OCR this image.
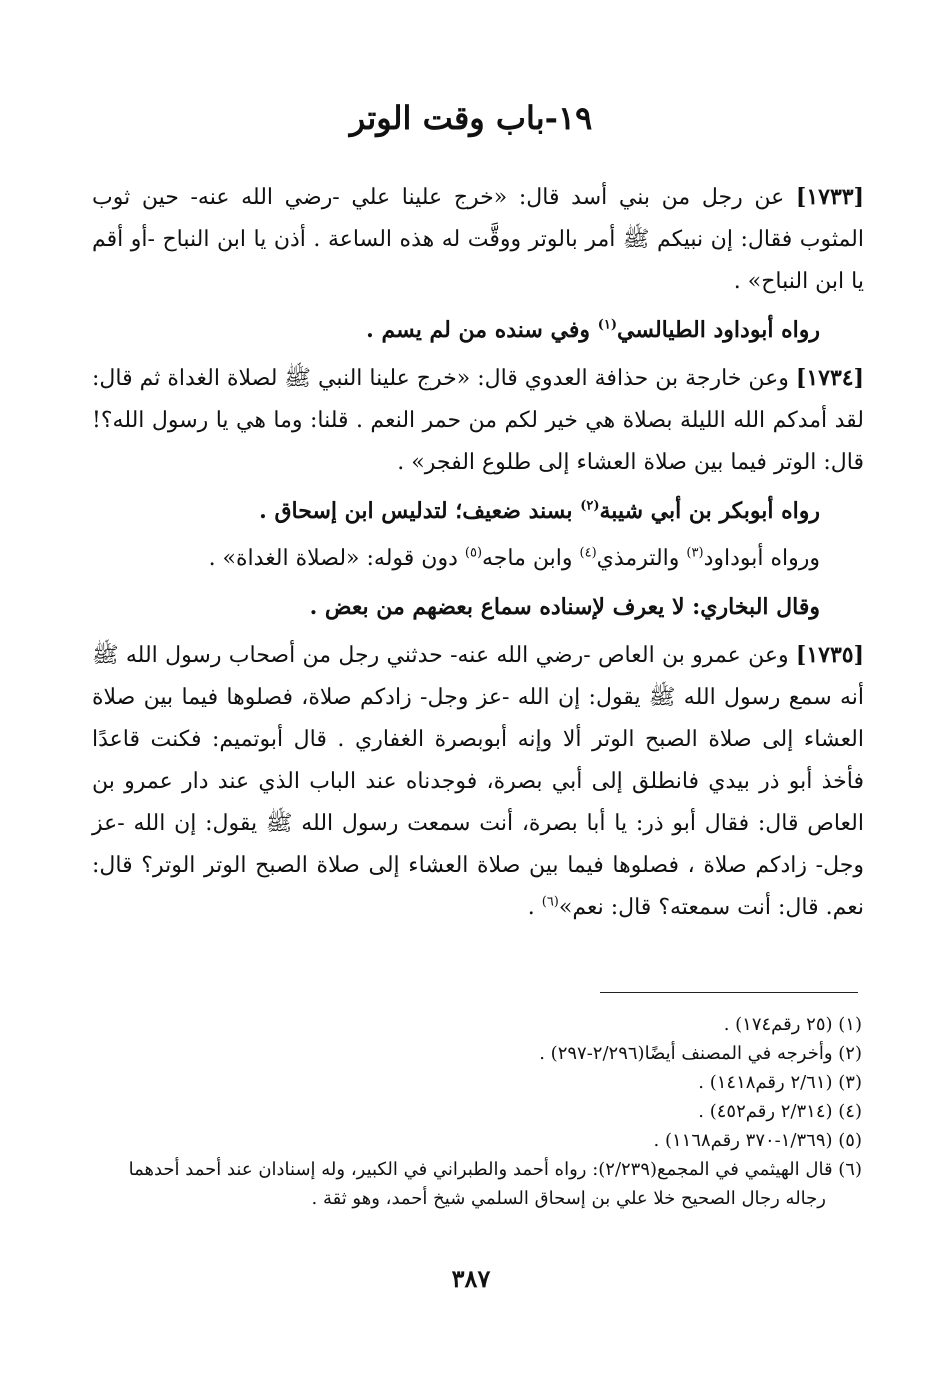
١٩-باب وقت الوتر

[١٧٣٣] عن رجل من بني أسد قال: «خرج علينا علي -رضي الله عنه- حين ثوب المثوب فقال: إن نبيكم ﷺ أمر بالوتر ووقَّت له هذه الساعة . أذن يا ابن النباح -أو أقم يا ابن النباح» .

رواه أبوداود الطيالسي$^{(١)}$ وفي سنده من لم يسم .

[١٧٣٤] وعن خارجة بن حذافة العدوي قال: «خرج علينا النبي ﷺ لصلاة الغداة ثم قال: لقد أمدكم الله الليلة بصلاة هي خير لكم من حمر النعم . قلنا: وما هي يا رسول الله؟! قال: الوتر فيما بين صلاة العشاء إلى طلوع الفجر» .

رواه أبوبكر بن أبي شيبة$^{(٢)}$ بسند ضعيف؛ لتدليس ابن إسحاق .

ورواه أبوداود$^{(٣)}$ والترمذي$^{(٤)}$ وابن ماجه$^{(٥)}$ دون قوله: «لصلاة الغداة» .

وقال البخاري: لا يعرف لإسناده سماع بعضهم من بعض .

[١٧٣٥] وعن عمرو بن العاص -رضي الله عنه- حدثني رجل من أصحاب رسول الله ﷺ أنه سمع رسول الله ﷺ يقول: إن الله -عز وجل- زادكم صلاة، فصلوها فيما بين صلاة العشاء إلى صلاة الصبح الوتر ألا وإنه أبوبصرة الغفاري . قال أبوتميم: فكنت قاعدًا فأخذ أبو ذر بيدي فانطلق إلى أبي بصرة، فوجدناه عند الباب الذي عند دار عمرو بن العاص قال: فقال أبو ذر: يا أبا بصرة، أنت سمعت رسول الله ﷺ يقول: إن الله -عز وجل- زادكم صلاة ، فصلوها فيما بين صلاة العشاء إلى صلاة الصبح الوتر الوتر؟ قال: نعم. قال: أنت سمعته؟ قال: نعم»$^{(٦)}$ .

(١) (٢٥ رقم١٧٤) .

(٢) وأخرجه في المصنف أيضًا(٢/٢٩٦-٢٩٧) .

(٣) (٢/٦١ رقم١٤١٨) .

(٤) (٢/٣١٤ رقم٤٥٢) .

(٥) (١/٣٦٩-٣٧٠ رقم١١٦٨) .

(٦) قال الهيثمي في المجمع(٢/٢٣٩): رواه أحمد والطبراني في الكبير، وله إسنادان عند أحمد أحدهما

رجاله رجال الصحيح خلا علي بن إسحاق السلمي شيخ أحمد، وهو ثقة .

٣٨٧
